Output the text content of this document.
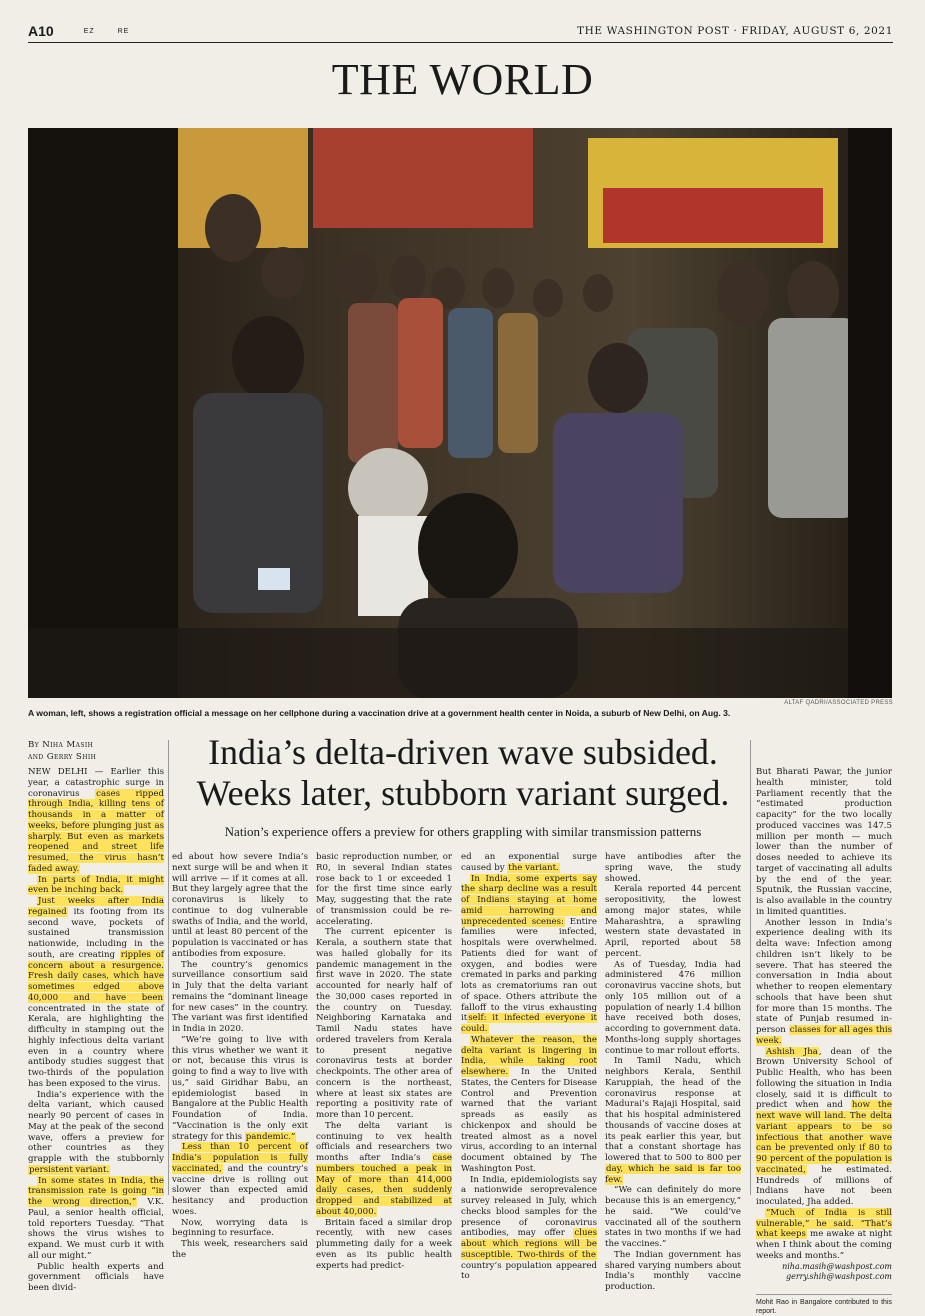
A10	EZ	RE	THE WASHINGTON POST · FRIDAY, AUGUST 6, 2021
THE WORLD
ALTAF QADRI/ASSOCIATED PRESS
A woman, left, shows a registration official a message on her cellphone during a vaccination drive at a government health center in Noida, a suburb of New Delhi, on Aug. 3.
By Niha Masih
and Gerry Shih	India’s delta-driven wave subsided. Weeks later, stubborn variant surged.
Nation’s experience offers a preview for others grappling with similar transmission patterns

NEW DELHI — Earlier this year, a catastrophic surge in coronavirus cases ripped through India, killing tens of thousands in a matter of weeks, before plunging just as sharply. But even as markets reopened and street life resumed, the virus hasn’t faded away.

In parts of India, it might even be inching back.

Just weeks after India regained its footing from its second wave, pockets of sustained transmission nationwide, including in the south, are creating ripples of concern about a resurgence. Fresh daily cases, which have sometimes edged above 40,000 and have been concentrated in the state of Kerala, are highlighting the difficulty in stamping out the highly infectious delta variant even in a country where antibody studies suggest that two-thirds of the population has been exposed to the virus.

India’s experience with the delta variant, which caused nearly 90 percent of cases in May at the peak of the second wave, offers a preview for other countries as they grapple with the stubbornly persistent variant.

In some states in India, the transmission rate is going “in the wrong direction,” V.K. Paul, a senior health official, told reporters Tuesday. “That shows the virus wishes to expand. We must curb it with all our might.”

Public health experts and government officials have been divid-

ed about how severe India’s next surge will be and when it will arrive — if it comes at all. But they largely agree that the coronavirus is likely to continue to dog vulnerable swaths of India, and the world, until at least 80 percent of the population is vaccinated or has antibodies from exposure.

The country’s genomics surveillance consortium said in July that the delta variant remains the “dominant lineage for new cases” in the country. The variant was first identified in India in 2020.

“We’re going to live with this virus whether we want it or not, because this virus is going to find a way to live with us,” said Giridhar Babu, an epidemiologist based in Bangalore at the Public Health Foundation of India. “Vaccination is the only exit strategy for this pandemic.”

Less than 10 percent of India’s population is fully vaccinated, and the country’s vaccine drive is rolling out slower than expected amid hesitancy and production woes.

Now, worrying data is beginning to resurface.

This week, researchers said the

basic reproduction number, or R0, in several Indian states rose back to 1 or exceeded 1 for the first time since early May, suggesting that the rate of transmission could be re-accelerating.

The current epicenter is Kerala, a southern state that was hailed globally for its pandemic management in the first wave in 2020. The state accounted for nearly half of the 30,000 cases reported in the country on Tuesday. Neighboring Karnataka and Tamil Nadu states have ordered travelers from Kerala to present negative coronavirus tests at border checkpoints. The other area of concern is the northeast, where at least six states are reporting a positivity rate of more than 10 percent.

The delta variant is continuing to vex health officials and researchers two months after India’s case numbers touched a peak in May of more than 414,000 daily cases, then suddenly dropped and stabilized at about 40,000.

Britain faced a similar drop recently, with new cases plummeting daily for a week even as its public health experts had predict-

ed an exponential surge caused by the variant.

In India, some experts say the sharp decline was a result of Indians staying at home amid harrowing and unprecedented scenes: Entire families were infected, hospitals were overwhelmed. Patients died for want of oxygen, and bodies were cremated in parks and parking lots as crematoriums ran out of space. Others attribute the falloff to the virus exhausting itself: it infected everyone it could.

Whatever the reason, the delta variant is lingering in India, while taking root elsewhere. In the United States, the Centers for Disease Control and Prevention warned that the variant spreads as easily as chickenpox and should be treated almost as a novel virus, according to an internal document obtained by The Washington Post.

In India, epidemiologists say a nationwide seroprevalence survey released in July, which checks blood samples for the presence of coronavirus antibodies, may offer clues about which regions will be susceptible. Two-thirds of the country’s population appeared to

have antibodies after the spring wave, the study showed.

Kerala reported 44 percent seropositivity, the lowest among major states, while Maharashtra, a sprawling western state devastated in April, reported about 58 percent.

As of Tuesday, India had administered 476 million coronavirus vaccine shots, but only 105 million out of a population of nearly 1.4 billion have received both doses, according to government data. Months-long supply shortages continue to mar rollout efforts.

In Tamil Nadu, which neighbors Kerala, Senthil Karuppiah, the head of the coronavirus response at Madurai’s Rajaji Hospital, said that his hospital administered thousands of vaccine doses at its peak earlier this year, but that a constant shortage has lowered that to 500 to 800 per day, which he said is far too few.

“We can definitely do more because this is an emergency,” he said. “We could’ve vaccinated all of the southern states in two months if we had the vaccines.”

The Indian government has shared varying numbers about India’s monthly vaccine production.

But Bharati Pawar, the junior health minister, told Parliament recently that the “estimated production capacity” for the two locally produced vaccines was 147.5 million per month — much lower than the number of doses needed to achieve its target of vaccinating all adults by the end of the year. Sputnik, the Russian vaccine, is also available in the country in limited quantities.

Another lesson in India’s experience dealing with its delta wave: Infection among children isn’t likely to be severe. That has steered the conversation in India about whether to reopen elementary schools that have been shut for more than 15 months. The state of Punjab resumed in-person classes for all ages this week.

Ashish Jha, dean of the Brown University School of Public Health, who has been following the situation in India closely, said it is difficult to predict when and how the next wave will land. The delta variant appears to be so infectious that another wave can be prevented only if 80 to 90 percent of the population is vaccinated, he estimated. Hundreds of millions of Indians have not been inoculated, Jha added.

“Much of India is still vulnerable,” he said. “That’s what keeps me awake at night when I think about the coming weeks and months.”

niha.masih@washpost.com

gerry.shih@washpost.com

Mohit Rao in Bangalore contributed to this report.
